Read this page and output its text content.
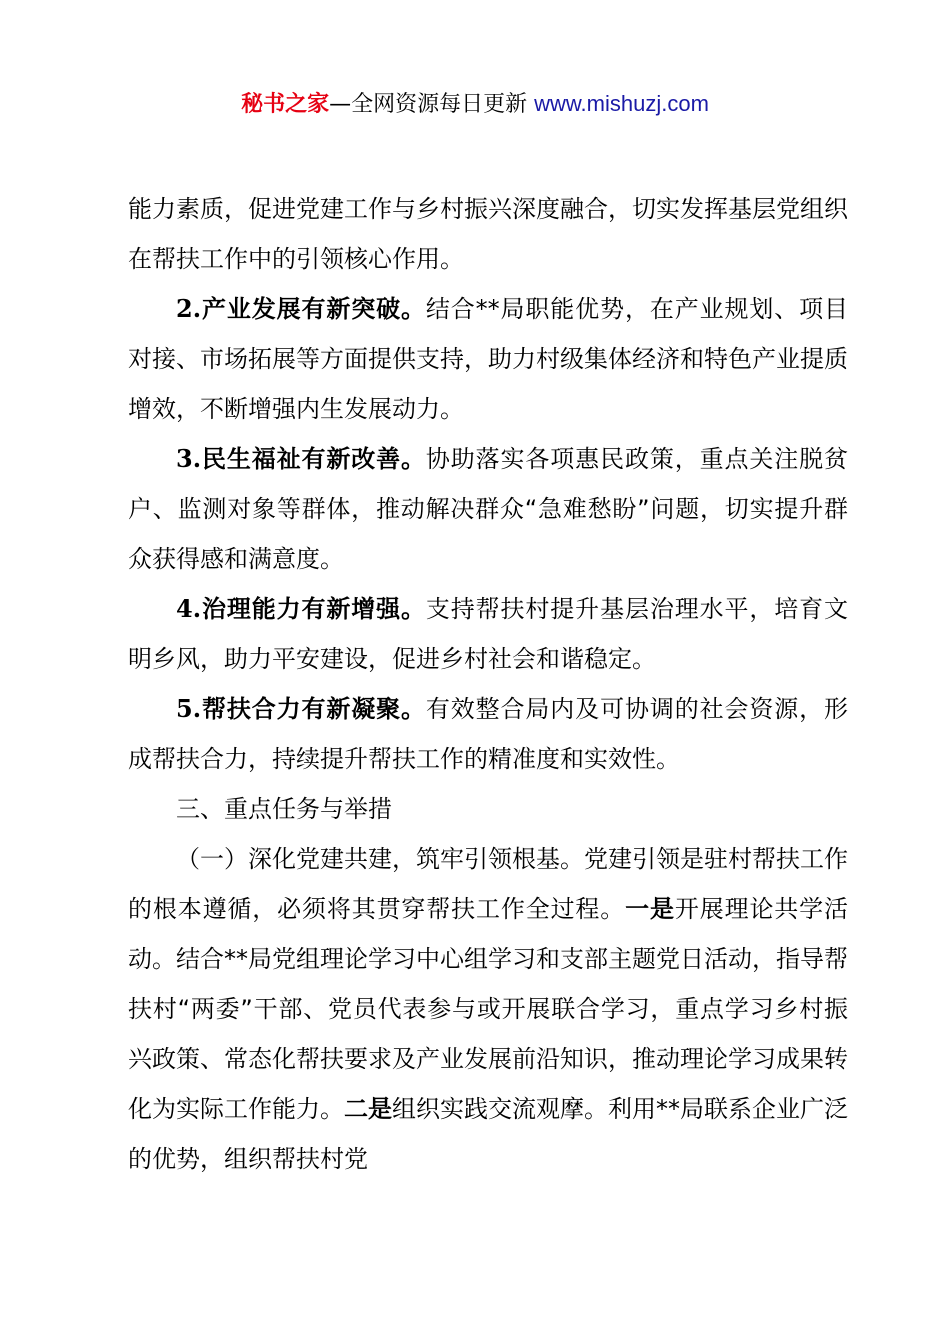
秘书之家—全网资源每日更新 www.mishuzj.com

能力素质，促进党建工作与乡村振兴深度融合，切实发挥基层党组织在帮扶工作中的引领核心作用。

2.产业发展有新突破。结合**局职能优势，在产业规划、项目对接、市场拓展等方面提供支持，助力村级集体经济和特色产业提质增效，不断增强内生发展动力。

3.民生福祉有新改善。协助落实各项惠民政策，重点关注脱贫户、监测对象等群体，推动解决群众“急难愁盼”问题，切实提升群众获得感和满意度。

4.治理能力有新增强。支持帮扶村提升基层治理水平，培育文明乡风，助力平安建设，促进乡村社会和谐稳定。

5.帮扶合力有新凝聚。有效整合局内及可协调的社会资源，形成帮扶合力，持续提升帮扶工作的精准度和实效性。

三、重点任务与举措

（一）深化党建共建，筑牢引领根基。党建引领是驻村帮扶工作的根本遵循，必须将其贯穿帮扶工作全过程。一是开展理论共学活动。结合**局党组理论学习中心组学习和支部主题党日活动，指导帮扶村“两委”干部、党员代表参与或开展联合学习，重点学习乡村振兴政策、常态化帮扶要求及产业发展前沿知识，推动理论学习成果转化为实际工作能力。二是组织实践交流观摩。利用**局联系企业广泛的优势，组织帮扶村党
